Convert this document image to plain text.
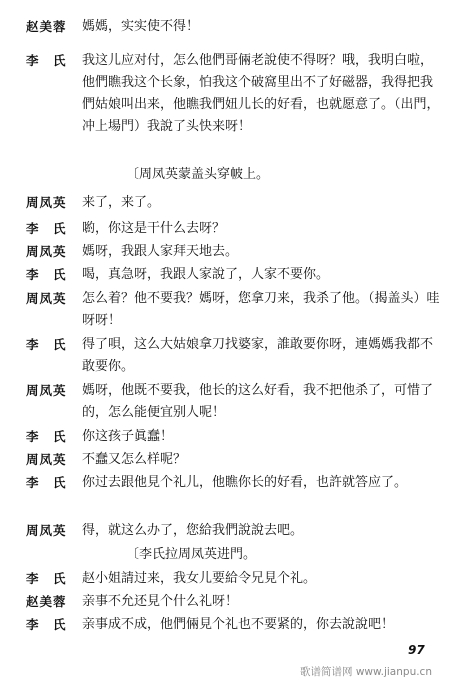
赵美蓉	媽媽，实实使不得！
李　氏	我这儿应对付，怎么他們哥倆老說使不得呀？哦，我明白啦，他們瞧我这个长象，怕我这个破窩里出不了好磁器，我得把我們姑娘叫出来，他瞧我們妞儿长的好看，也就愿意了。（出門，冲上場門）我說了头快来呀！
〔周凤英蒙盖头穿帔上。
周凤英	来了，来了。
李　氏	喲，你这是干什么去呀？
周凤英	媽呀，我跟人家拜天地去。
李　氏	喝，真急呀，我跟人家說了，人家不要你。
周凤英	怎么着？他不要我？媽呀，您拿刀来，我杀了他。（揭盖头）哇呀呀！
李　氏	得了唄，这么大姑娘拿刀找婆家，誰敢要你呀，連媽媽我都不敢要你。
周凤英	媽呀，他既不要我，他长的这么好看，我不把他杀了，可惜了的，怎么能便宜别人呢！
李　氏	你这孩子眞蠢！
周凤英	不蠢又怎么样呢？
李　氏	你过去跟他見个礼儿，他瞧你长的好看，也許就答应了。
周凤英	得，就这么办了，您給我們說說去吧。
〔李氏拉周凤英进門。
李　氏	赵小姐請过来，我女儿要給令兄見个礼。
赵美蓉	亲事不允还見个什么礼呀！
李　氏	亲事成不成，他們倆見个礼也不要紧的，你去說說吧！
97
歌谱简谱网 www.jianpu.cn
